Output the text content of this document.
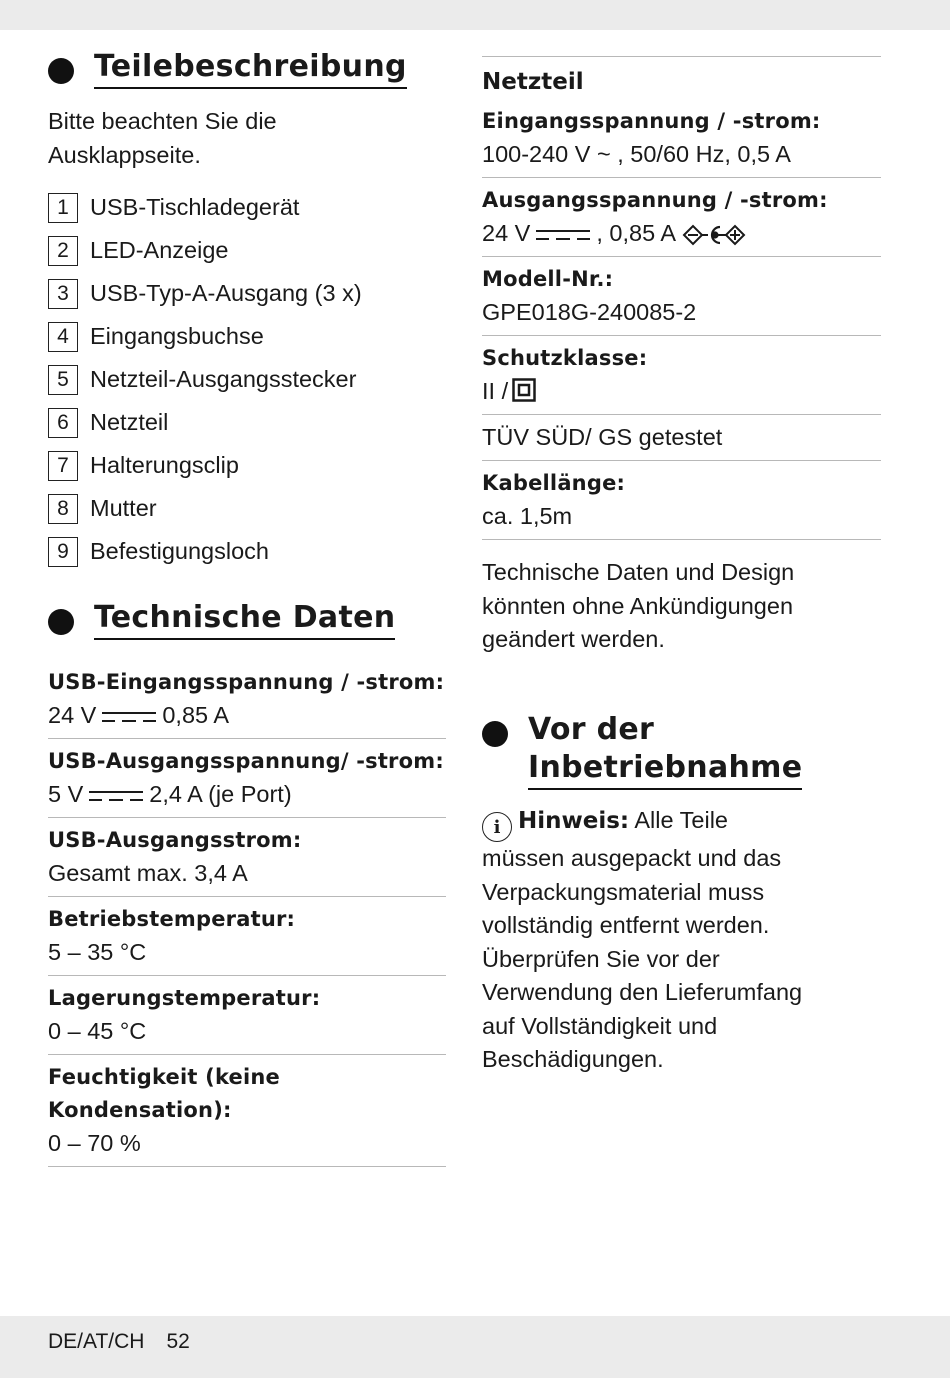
Teilebeschreibung
Bitte beachten Sie die
Ausklappseite.
1 USB-Tischladegerät
2 LED-Anzeige
3 USB-Typ-A-Ausgang (3 x)
4 Eingangsbuchse
5 Netzteil-Ausgangsstecker
6 Netzteil
7 Halterungsclip
8 Mutter
9 Befestigungsloch
Technische Daten
USB-Eingangsspannung / -strom:
24 V	0,85 A
USB-Ausgangsspannung/ -strom:
5 V	2,4 A (je Port)
USB-Ausgangsstrom:
Gesamt max. 3,4 A
Betriebstemperatur:
5 – 35 °C
Lagerungstemperatur:
0 – 45 °C
Feuchtigkeit (keine
Kondensation):
0 – 70 %
Netzteil
Eingangsspannung / -strom:
100-240 V ~ , 50/60 Hz, 0,5 A
Ausgangsspannung / -strom:
24 V	, 0,85 A
Modell-Nr.:
GPE018G-240085-2
Schutzklasse:
II /
TÜV SÜD/ GS getestet
Kabellänge:
ca. 1,5m
Technische Daten und Design
könnten ohne Ankündigungen
geändert werden.
Vor der
Inbetriebnahme
i Hinweis: Alle Teile
müssen ausgepackt und das
Verpackungsmaterial muss
vollständig entfernt werden.
Überprüfen Sie vor der
Verwendung den Lieferumfang
auf Vollständigkeit und
Beschädigungen.
DE/AT/CH 52
